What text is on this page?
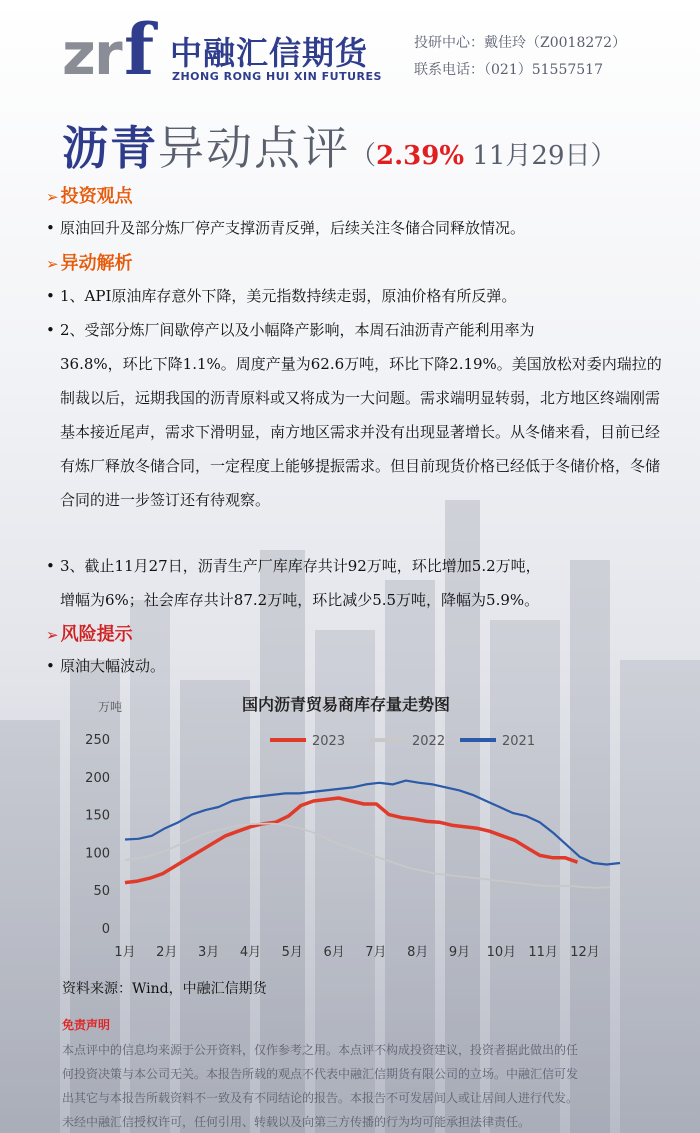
z
r f 中融汇信期货
ZHONG RONG HUI XIN FUTURES
投研中心：戴佳玲（Z0018272）
联系电话：（021）51557517
沥青异动点评（2.39% 11月29日）
➢ 投资观点
• 原油回升及部分炼厂停产支撑沥青反弹，后续关注冬储合同释放情况。
➢ 异动解析
• 1、API原油库存意外下降，美元指数持续走弱，原油价格有所反弹。
• 2、受部分炼厂间歇停产以及小幅降产影响，本周石油沥青产能利用率为
36.8%，环比下降1.1%。周度产量为62.6万吨，环比下降2.19%。美国放松对委内瑞拉的制裁以后，远期我国的沥青原料或又将成为一大问题。需求端明显转弱，北方地区终端刚需基本接近尾声，需求下滑明显，南方地区需求并没有出现显著增长。从冬储来看，目前已经有炼厂释放冬储合同，一定程度上能够提振需求。但目前现货价格已经低于冬储价格，冬储合同的进一步签订还有待观察。
• 3、截止11月27日，沥青生产厂库库存共计92万吨，环比增加5.2万吨，
增幅为6%；社会库存共计87.2万吨，环比减少5.5万吨，降幅为5.9%。
➢ 风险提示
• 原油大幅波动。
国内沥青贸易商库存量走势图
万吨
250
200
150
100
50
0
1月 2月 3月 4月 5月 6月 7月 8月 9月 10月 11月 12月
2023	2022	2021
资料来源：Wind，中融汇信期货
免责声明
本点评中的信息均来源于公开资料，仅作参考之用。本点评不构成投资建议，投资者据此做出的任
何投资决策与本公司无关。本报告所载的观点不代表中融汇信期货有限公司的立场。中融汇信可发
出其它与本报告所载资料不一致及有不同结论的报告。本报告不可发居间人或让居间人进行代发。
未经中融汇信授权许可，任何引用、转载以及向第三方传播的行为均可能承担法律责任。
